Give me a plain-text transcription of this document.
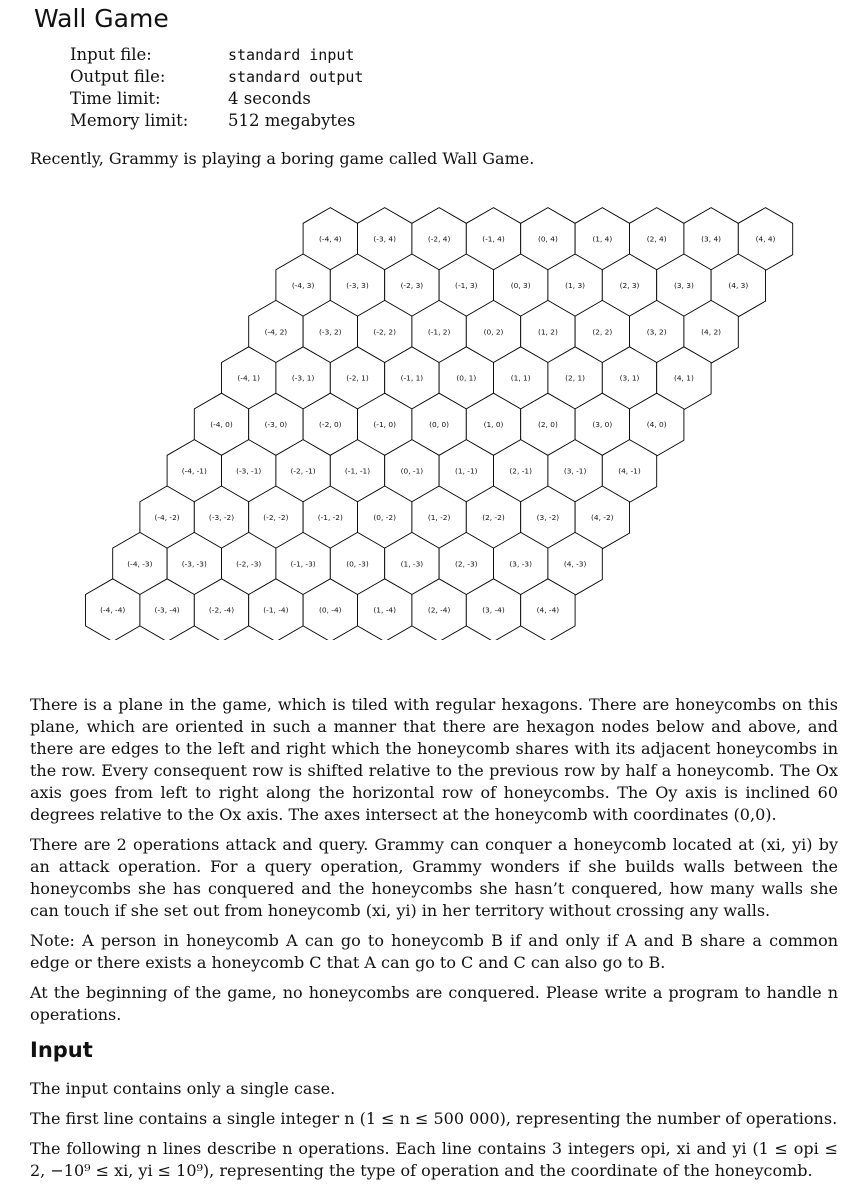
Wall Game
Input file:	standard input
Output file:	standard output
Time limit:	4 seconds
Memory limit:	512 megabytes

Recently, Grammy is playing a boring game called Wall Game.

(-4, 4)	(-3, 4)	(-2, 4)	(-1, 4)	(0, 4)	(1, 4)	(2, 4)	(3, 4)	(4, 4)
(-4, 3)	(-3, 3)	(-2, 3)	(-1, 3)	(0, 3)	(1, 3)	(2, 3)	(3, 3)	(4, 3)
(-4, 2)	(-3, 2)	(-2, 2)	(-1, 2)	(0, 2)	(1, 2)	(2, 2)	(3, 2)	(4, 2)
(-4, 1)	(-3, 1)	(-2, 1)	(-1, 1)	(0, 1)	(1, 1)	(2, 1)	(3, 1)	(4, 1)
(-4, 0)	(-3, 0)	(-2, 0)	(-1, 0)	(0, 0)	(1, 0)	(2, 0)	(3, 0)	(4, 0)
(-4, -1)	(-3, -1)	(-2, -1)	(-1, -1)	(0, -1)	(1, -1)	(2, -1)	(3, -1)	(4, -1)
(-4, -2)	(-3, -2)	(-2, -2)	(-1, -2)	(0, -2)	(1, -2)	(2, -2)	(3, -2)	(4, -2)
(-4, -3)	(-3, -3)	(-2, -3)	(-1, -3)	(0, -3)	(1, -3)	(2, -3)	(3, -3)	(4, -3)
(-4, -4)	(-3, -4)	(-2, -4)	(-1, -4)	(0, -4)	(1, -4)	(2, -4)	(3, -4)	(4, -4)

There is a plane in the game, which is tiled with regular hexagons. There are honeycombs on this plane, which are oriented in such a manner that there are hexagon nodes below and above, and there are edges to the left and right which the honeycomb shares with its adjacent honeycombs in the row. Every consequent row is shifted relative to the previous row by half a honeycomb. The Ox axis goes from left to right along the horizontal row of honeycombs. The Oy axis is inclined 60 degrees relative to the Ox axis. The axes intersect at the honeycomb with coordinates (0,0).

There are 2 operations attack and query. Grammy can conquer a honeycomb located at (xi, yi) by an attack operation. For a query operation, Grammy wonders if she builds walls between the honeycombs she has conquered and the honeycombs she hasn’t conquered, how many walls she can touch if she set out from honeycomb (xi, yi) in her territory without crossing any walls.

Note: A person in honeycomb A can go to honeycomb B if and only if A and B share a common edge or there exists a honeycomb C that A can go to C and C can also go to B.

At the beginning of the game, no honeycombs are conquered. Please write a program to handle n operations.

Input

The input contains only a single case.

The first line contains a single integer n (1 ≤ n ≤ 500 000), representing the number of operations.

The following n lines describe n operations. Each line contains 3 integers opi, xi and yi (1 ≤ opi ≤ 2, −10⁹ ≤ xi, yi ≤ 10⁹), representing the type of operation and the coordinate of the honeycomb.
